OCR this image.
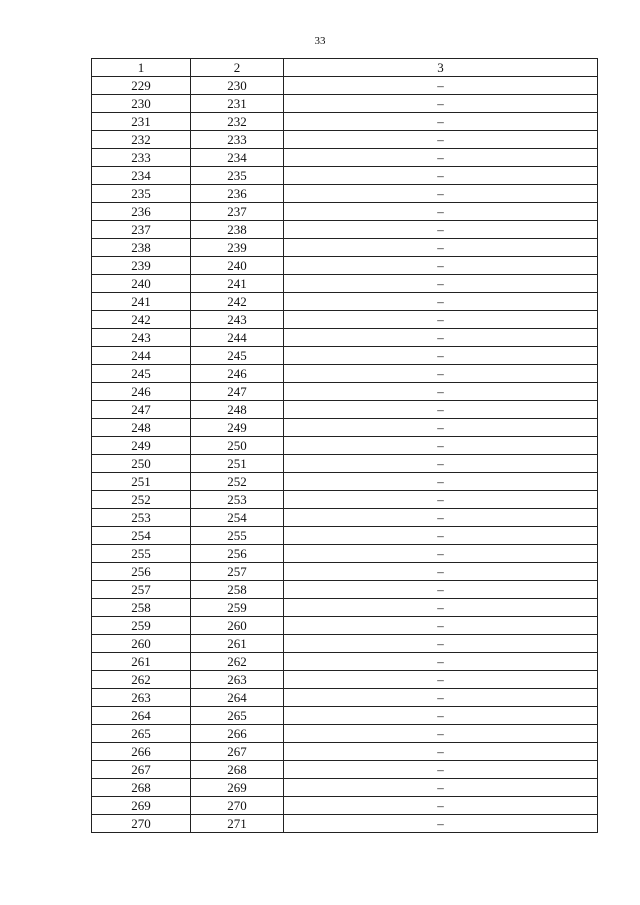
33
1	2	3
229	230	–
230	231	–
231	232	–
232	233	–
233	234	–
234	235	–
235	236	–
236	237	–
237	238	–
238	239	–
239	240	–
240	241	–
241	242	–
242	243	–
243	244	–
244	245	–
245	246	–
246	247	–
247	248	–
248	249	–
249	250	–
250	251	–
251	252	–
252	253	–
253	254	–
254	255	–
255	256	–
256	257	–
257	258	–
258	259	–
259	260	–
260	261	–
261	262	–
262	263	–
263	264	–
264	265	–
265	266	–
266	267	–
267	268	–
268	269	–
269	270	–
270	271	–
